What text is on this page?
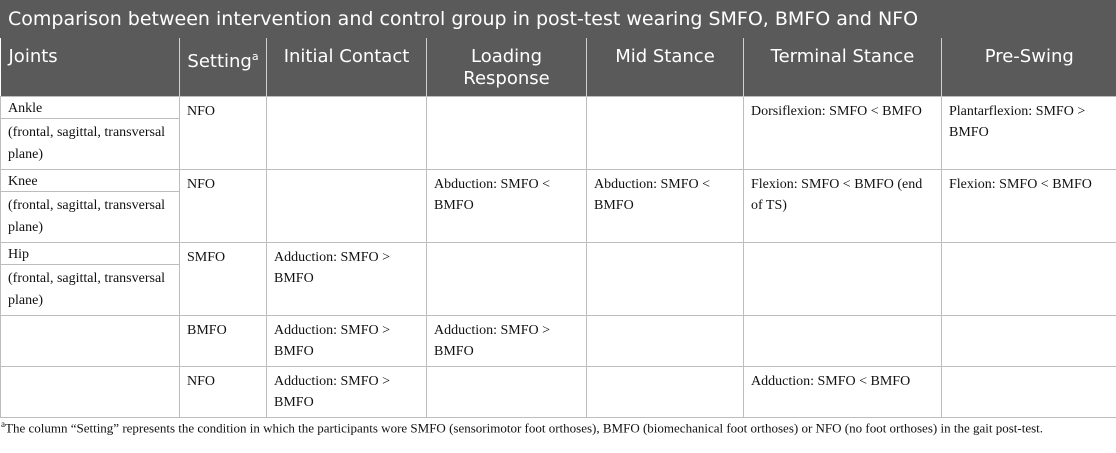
Comparison between intervention and control group in post-test wearing SMFO, BMFO and NFO
Joints	Setting$^a$	Initial Contact	Loading Response	Mid Stance	Terminal Stance	Pre-Swing

Ankle
(frontal, sagittal, transversal plane)	NFO				Dorsiflexion: SMFO < BMFO	Plantarflexion: SMFO > BMFO

Knee
(frontal, sagittal, transversal plane)	NFO		Abduction: SMFO < BMFO	Abduction: SMFO < BMFO	Flexion: SMFO < BMFO (end of TS)	Flexion: SMFO < BMFO

Hip
(frontal, sagittal, transversal plane)	SMFO	Adduction: SMFO > BMFO				
	BMFO	Adduction: SMFO > BMFO	Adduction: SMFO > BMFO			
	NFO	Adduction: SMFO > BMFO			Adduction: SMFO < BMFO	
$^a$The column “Setting” represents the condition in which the participants wore SMFO (sensorimotor foot orthoses), BMFO (biomechanical foot orthoses) or NFO (no foot orthoses) in the gait post-test.
